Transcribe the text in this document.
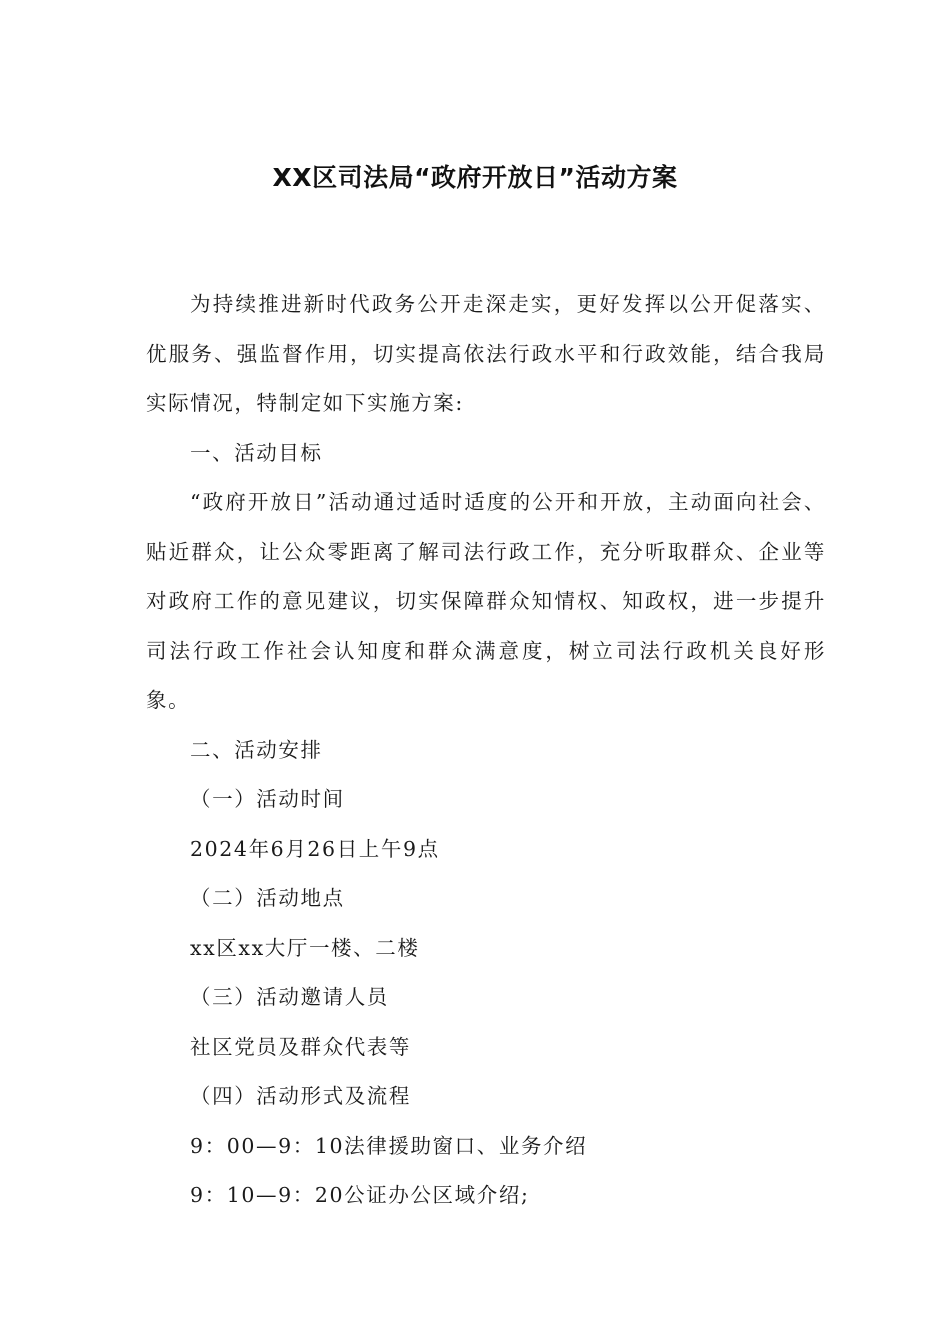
XX区司法局“政府开放日”活动方案

为持续推进新时代政务公开走深走实，更好发挥以公开促落实、优服务、强监督作用，切实提高依法行政水平和行政效能，结合我局实际情况，特制定如下实施方案:

一、活动目标

“政府开放日”活动通过适时适度的公开和开放，主动面向社会、贴近群众，让公众零距离了解司法行政工作，充分听取群众、企业等对政府工作的意见建议，切实保障群众知情权、知政权，进一步提升司法行政工作社会认知度和群众满意度，树立司法行政机关良好形象。

二、活动安排

（一）活动时间

2024年6月26日上午9点

（二）活动地点

xx区xx大厅一楼、二楼

（三）活动邀请人员

社区党员及群众代表等

（四）活动形式及流程

9：00—9：10法律援助窗口、业务介绍

9：10—9：20公证办公区域介绍;
